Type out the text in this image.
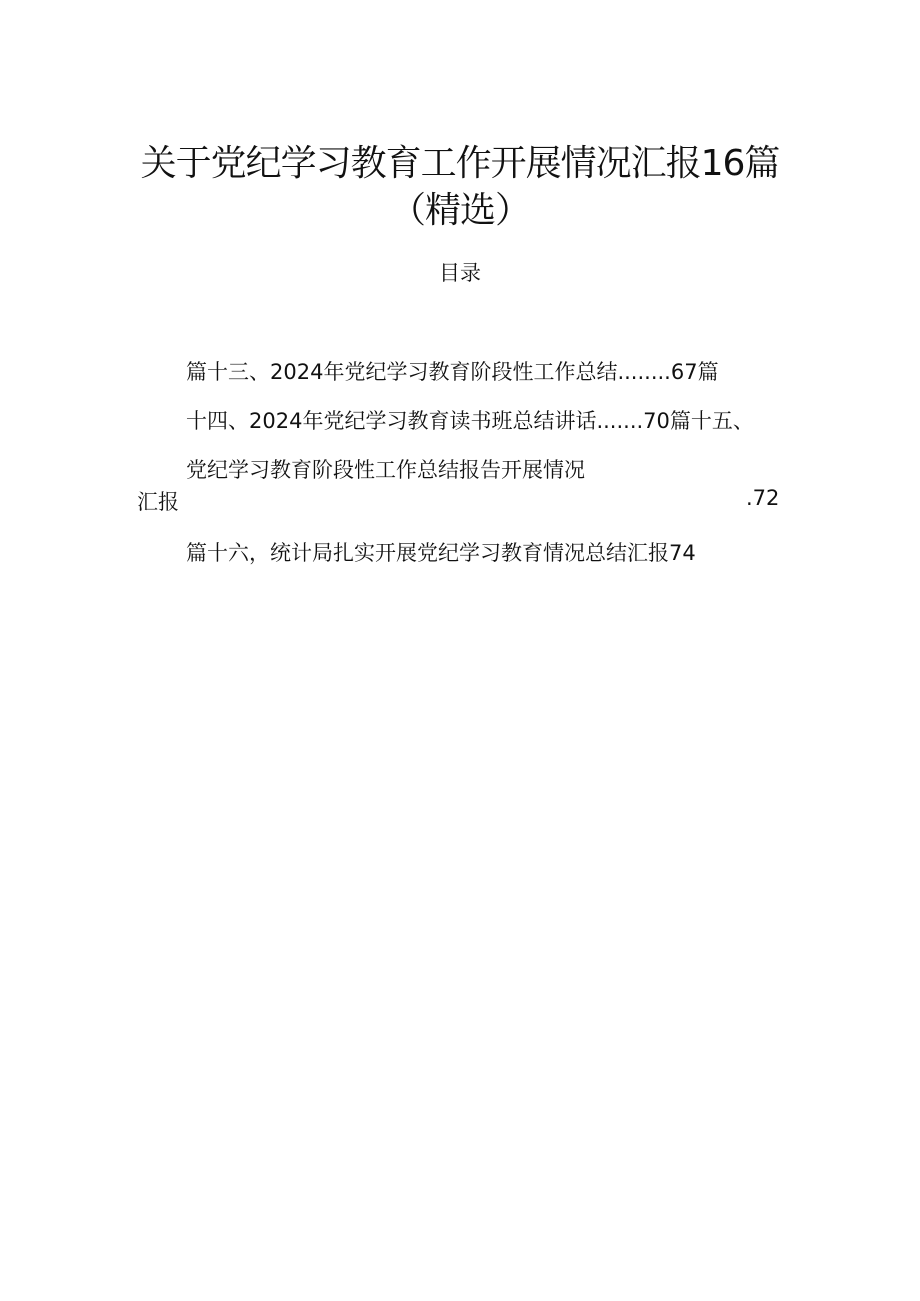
关于党纪学习教育工作开展情况汇报16篇
（精选）
目录
篇十三、2024年党纪学习教育阶段性工作总结........67篇
十四、2024年党纪学习教育读书班总结讲话.......70篇十五、
党纪学习教育阶段性工作总结报告开展情况
汇报	.72
篇十六，统计局扎实开展党纪学习教育情况总结汇报74
